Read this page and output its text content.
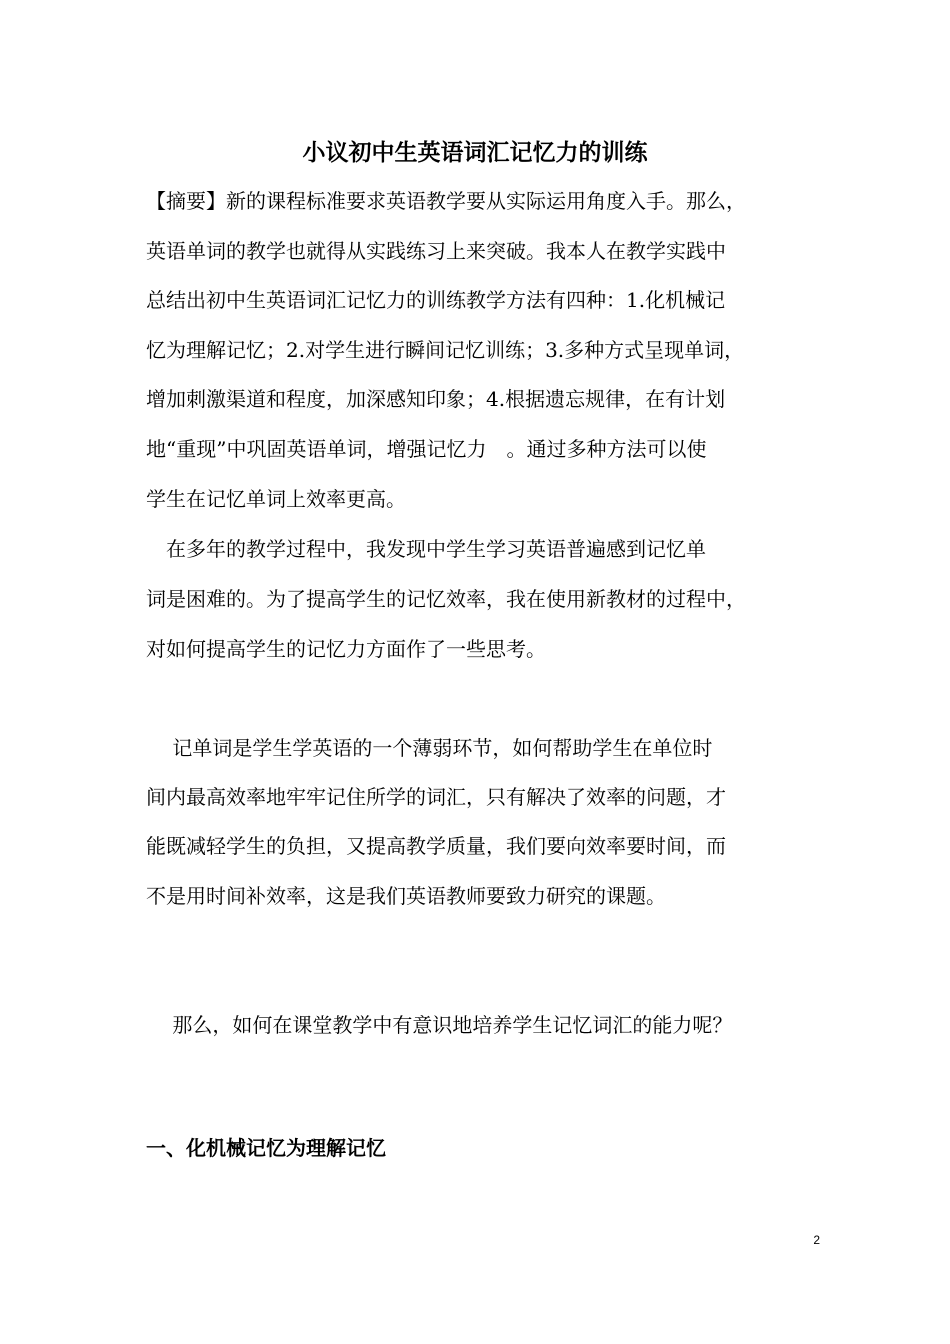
小议初中生英语词汇记忆力的训练
【摘要】新的课程标准要求英语教学要从实际运用角度入手。那么，
英语单词的教学也就得从实践练习上来突破。我本人在教学实践中
总结出初中生英语词汇记忆力的训练教学方法有四种：1.化机械记
忆为理解记忆；2.对学生进行瞬间记忆训练；3.多种方式呈现单词，
增加刺激渠道和程度，加深感知印象；4.根据遗忘规律，在有计划
地“重现”中巩固英语单词，增强记忆力　。通过多种方法可以使
学生在记忆单词上效率更高。
　在多年的教学过程中，我发现中学生学习英语普遍感到记忆单
词是困难的。为了提高学生的记忆效率，我在使用新教材的过程中，
对如何提高学生的记忆力方面作了一些思考。
　 记单词是学生学英语的一个薄弱环节，如何帮助学生在单位时
间内最高效率地牢牢记住所学的词汇，只有解决了效率的问题，才
能既减轻学生的负担，又提高教学质量，我们要向效率要时间，而
不是用时间补效率，这是我们英语教师要致力研究的课题。
　 那么，如何在课堂教学中有意识地培养学生记忆词汇的能力呢？
一、化机械记忆为理解记忆
2
